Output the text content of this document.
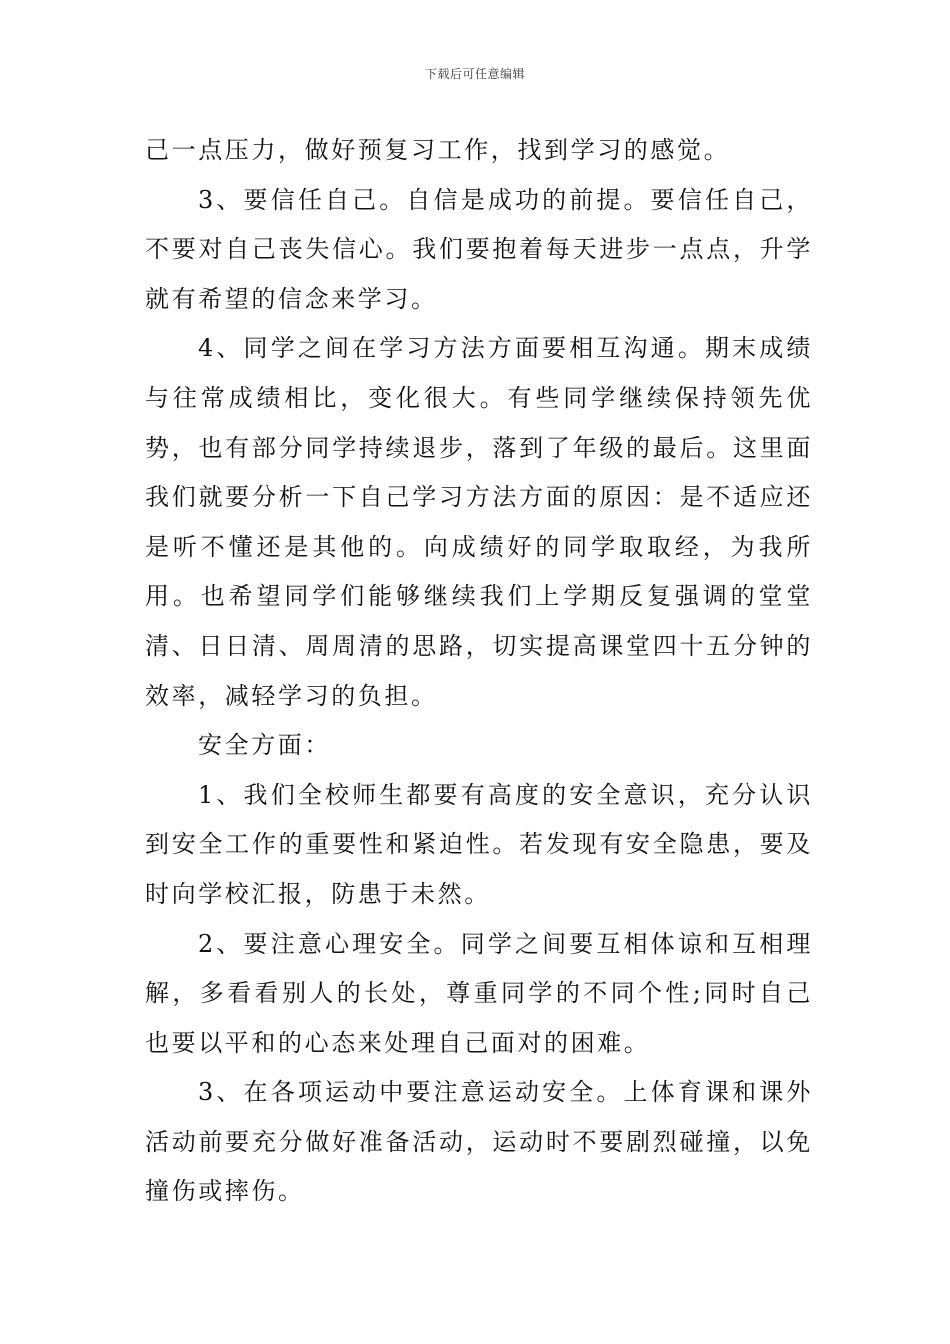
下载后可任意编辑

己一点压力，做好预复习工作，找到学习的感觉。

3、要信任自己。自信是成功的前提。要信任自己，不要对自己丧失信心。我们要抱着每天进步一点点，升学就有希望的信念来学习。

4、同学之间在学习方法方面要相互沟通。期末成绩与往常成绩相比，变化很大。有些同学继续保持领先优势，也有部分同学持续退步，落到了年级的最后。这里面我们就要分析一下自己学习方法方面的原因：是不适应还是听不懂还是其他的。向成绩好的同学取取经，为我所用。也希望同学们能够继续我们上学期反复强调的堂堂清、日日清、周周清的思路，切实提高课堂四十五分钟的效率，减轻学习的负担。

安全方面：

1、我们全校师生都要有高度的安全意识，充分认识到安全工作的重要性和紧迫性。若发现有安全隐患，要及时向学校汇报，防患于未然。

2、要注意心理安全。同学之间要互相体谅和互相理解，多看看别人的长处，尊重同学的不同个性;同时自己也要以平和的心态来处理自己面对的困难。

3、在各项运动中要注意运动安全。上体育课和课外活动前要充分做好准备活动，运动时不要剧烈碰撞，以免撞伤或摔伤。
